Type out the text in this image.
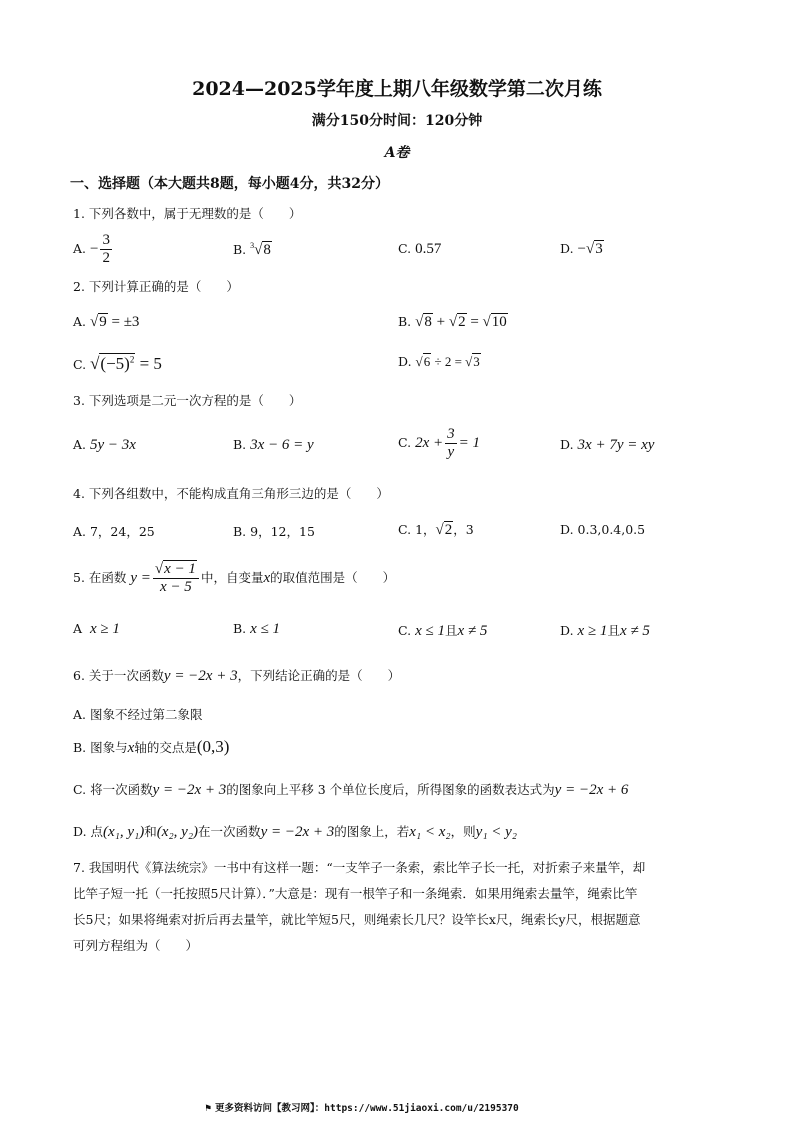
2024—2025学年度上期八年级数学第二次月练
满分150分时间：120分钟
A卷
一、选择题（本大题共8题，每小题4分，共32分）
1. 下列各数中，属于无理数的是（　　）
A. − $\frac{3}{2}$	B. $^3$√8	C. 0.57	D. −√3
2. 下列计算正确的是（　　）
A. √9 = ±3	B. √8 + √2 = √10
C. $√(-5)^2 = 5$	D. √6 ÷ 2 = √3
3. 下列选项是二元一次方程的是（　　）
A. 5y − 3x	B. 3x − 6 = y	C. $2x + \frac{3}{y} = 1$	D. 3x + 7y = xy
4. 下列各组数中，不能构成直角三角形三边的是（　　）
A. 7，24，25	B. 9，12，15	C. 1，√2，3	D. 0.3,0.4,0.5
5. 在函数 $y = \frac{√x - 1}{x - 5}$ 中，自变量x的取值范围是（　　）
A x ≥ 1	B. x ≤ 1	C. x ≤ 1且x ≠ 5	D. x ≥ 1且x ≠ 5
6. 关于一次函数y = −2x + 3，下列结论正确的是（　　）
A. 图象不经过第二象限
B. 图象与x轴的交点是(0,3)
C. 将一次函数y = −2x + 3的图象向上平移 3 个单位长度后，所得图象的函数表达式为y = −2x + 6
D. 点(x₁, y₁)和(x₂, y₂)在一次函数y = −2x + 3的图象上，若x₁ < x₂，则y₁ < y₂
7. 我国明代《算法统宗》一书中有这样一题：“一支竿子一条索，索比竿子长一托，对折索子来量竿，却
比竿子短一托（一托按照5尺计算）．”大意是：现有一根竿子和一条绳索．如果用绳索去量竿，绳索比竿
长5尺；如果将绳索对折后再去量竿，就比竿短5尺，则绳索长几尺？设竿长x尺，绳索长y尺，根据题意
可列方程组为（　　）
⚑ 更多资料访问【教习网】：https://www.51jiaoxi.com/u/2195370
